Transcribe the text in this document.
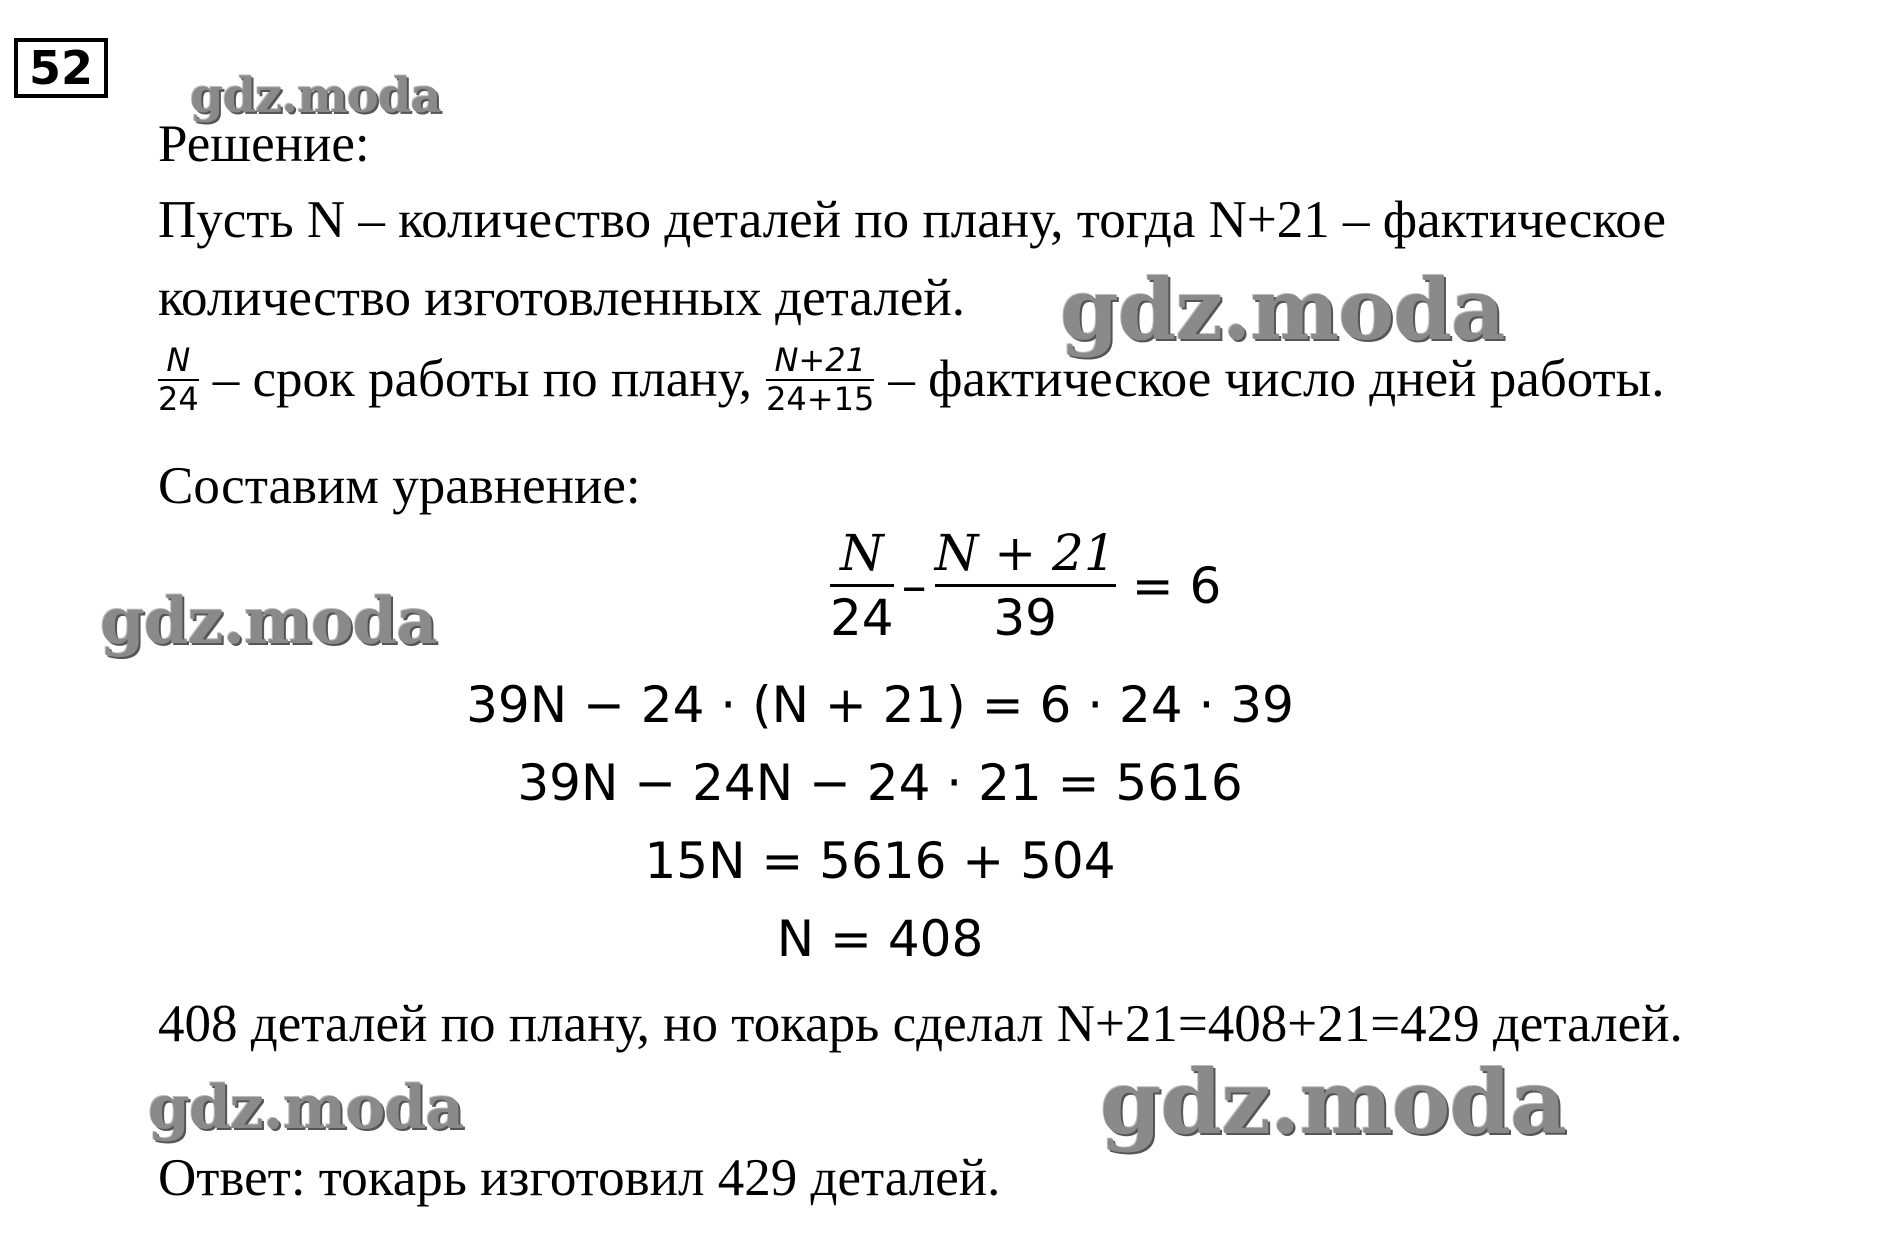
52	gdz.moda
gdz.moda
gdz.moda
gdz.moda	gdz.moda
Решение:
Пусть N – количество деталей по плану, тогда N+21 – фактическое
количество изготовленных деталей.
$\frac{N}{24}$ – срок работы по плану, $\frac{N+21}{24+15}$ – фактическое число дней работы.
Составим уравнение:
$\frac{N}{24} - \frac{N + 21}{39} = 6$
39N − 24 · (N + 21) = 6 · 24 · 39
39N − 24N − 24 · 21 = 5616
15N = 5616 + 504
N = 408
408 деталей по плану, но токарь сделал N+21=408+21=429 деталей.
Ответ: токарь изготовил 429 деталей.
